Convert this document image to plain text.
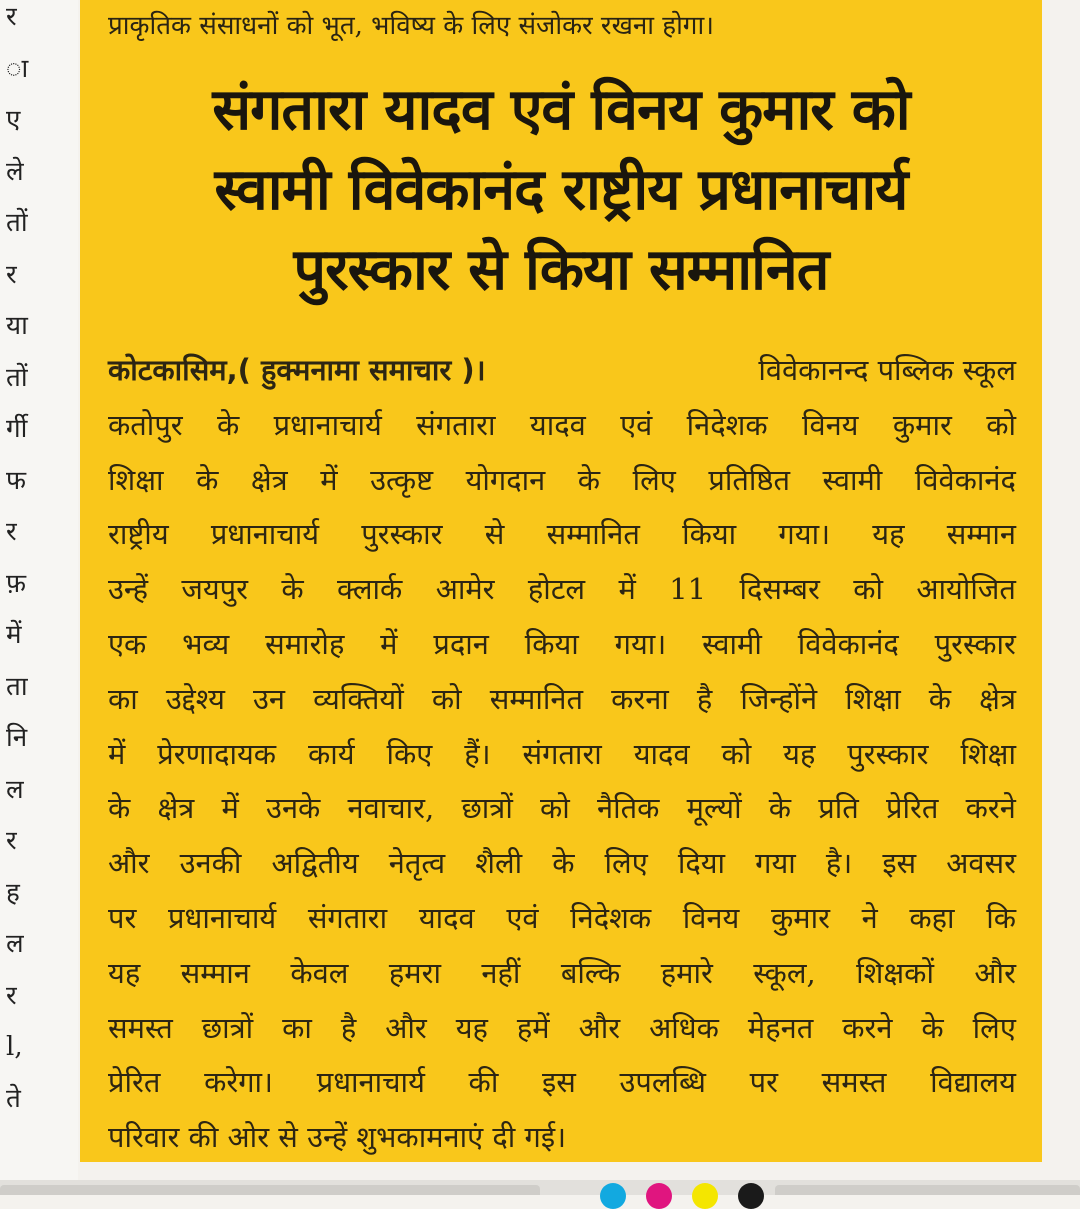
र
ा
ए
ले
तों
र
या
तों
र्गी
फ
र
फ़
में
ता
नि
ल
र
ह
ल
र
l,
ते
प्राकृतिक संसाधनों को भूत, भविष्य के लिए संजोकर रखना होगा।
संगतारा यादव एवं विनय कुमार को
स्वामी विवेकानंद राष्ट्रीय प्रधानाचार्य
पुरस्कार से किया सम्मानित
कोटकासिम,( हुक्मनामा समाचार )।	विवेकानन्द पब्लिक स्कूल
कतोपुर के प्रधानाचार्य संगतारा यादव एवं निदेशक विनय कुमार को
शिक्षा के क्षेत्र में उत्कृष्ट योगदान के लिए प्रतिष्ठित स्वामी विवेकानंद
राष्ट्रीय प्रधानाचार्य पुरस्कार से सम्मानित किया गया। यह सम्मान
उन्हें जयपुर के क्लार्क आमेर होटल में 11 दिसम्बर को आयोजित
एक भव्य समारोह में प्रदान किया गया। स्वामी विवेकानंद पुरस्कार
का उद्देश्य उन व्यक्तियों को सम्मानित करना है जिन्होंने शिक्षा के क्षेत्र
में प्रेरणादायक कार्य किए हैं। संगतारा यादव को यह पुरस्कार शिक्षा
के क्षेत्र में उनके नवाचार, छात्रों को नैतिक मूल्यों के प्रति प्रेरित करने
और उनकी अद्वितीय नेतृत्व शैली के लिए दिया गया है। इस अवसर
पर प्रधानाचार्य संगतारा यादव एवं निदेशक विनय कुमार ने कहा कि
यह सम्मान केवल हमरा नहीं बल्कि हमारे स्कूल, शिक्षकों और
समस्त छात्रों का है और यह हमें और अधिक मेहनत करने के लिए
प्रेरित करेगा। प्रधानाचार्य की इस उपलब्धि पर समस्त विद्यालय
परिवार की ओर से उन्हें शुभकामनाएं दी गई।
